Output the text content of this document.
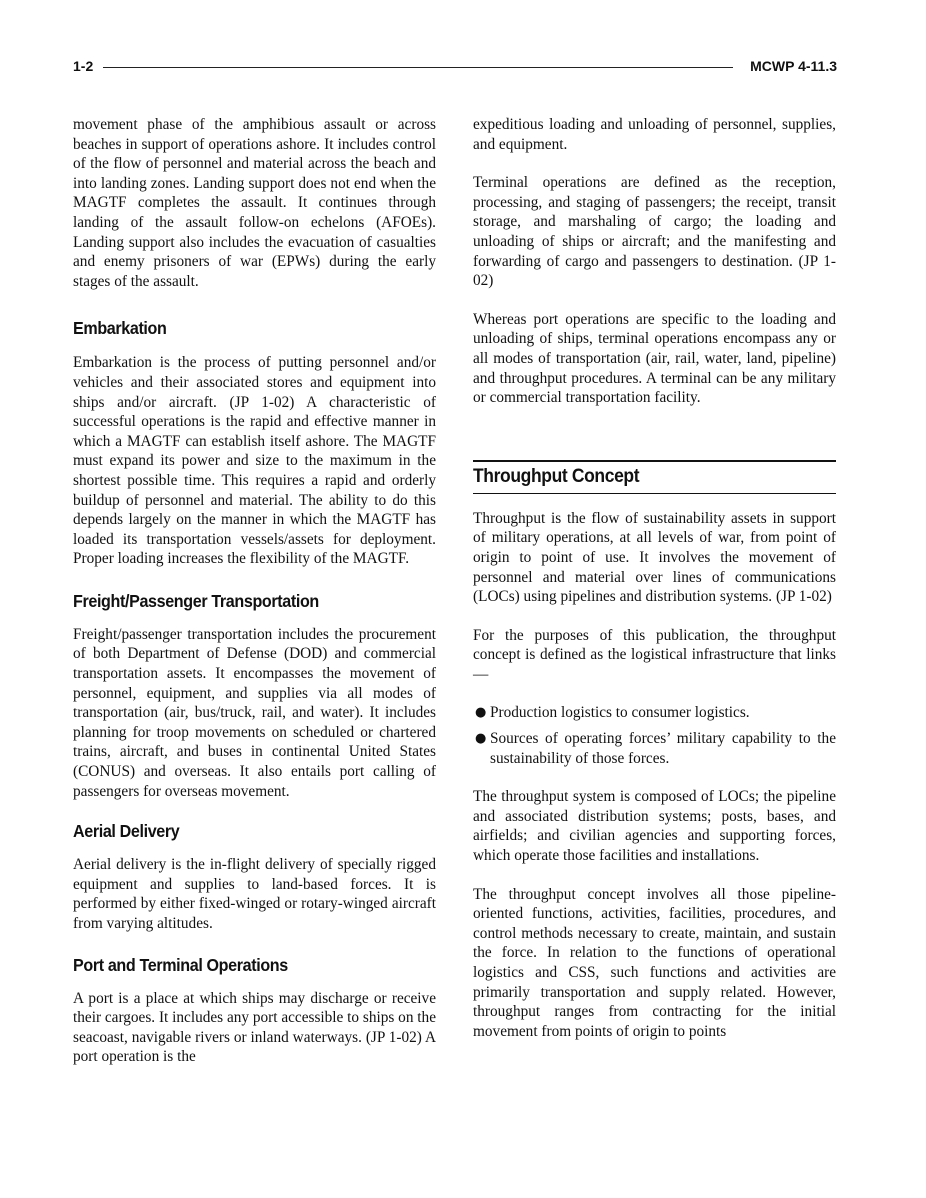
1-2	MCWP 4-11.3

movement phase of the amphibious assault or across beaches in support of operations ashore. It includes control of the flow of personnel and material across the beach and into landing zones. Landing support does not end when the MAGTF completes the assault. It continues through landing of the assault follow-on echelons (AFOEs). Landing support also includes the evacuation of casualties and enemy prisoners of war (EPWs) during the early stages of the assault.

Embarkation

Embarkation is the process of putting personnel and/or vehicles and their associated stores and equipment into ships and/or aircraft. (JP 1-02) A characteristic of successful operations is the rapid and effective manner in which a MAGTF can establish itself ashore. The MAGTF must expand its power and size to the maximum in the shortest possible time. This requires a rapid and orderly buildup of personnel and material. The ability to do this depends largely on the manner in which the MAGTF has loaded its transportation vessels/assets for deployment. Proper loading increases the flexibility of the MAGTF.

Freight/Passenger Transportation

Freight/passenger transportation includes the procurement of both Department of Defense (DOD) and commercial transportation assets. It encompasses the movement of personnel, equipment, and supplies via all modes of transportation (air, bus/truck, rail, and water). It includes planning for troop movements on scheduled or chartered trains, aircraft, and buses in continental United States (CONUS) and overseas. It also entails port calling of passengers for overseas movement.

Aerial Delivery

Aerial delivery is the in-flight delivery of specially rigged equipment and supplies to land-based forces. It is performed by either fixed-winged or rotary-winged aircraft from varying altitudes.

Port and Terminal Operations

A port is a place at which ships may discharge or receive their cargoes. It includes any port accessible to ships on the seacoast, navigable rivers or inland waterways. (JP 1-02) A port operation is the

expeditious loading and unloading of personnel, supplies, and equipment.

Terminal operations are defined as the reception, processing, and staging of passengers; the receipt, transit storage, and marshaling of cargo; the loading and unloading of ships or aircraft; and the manifesting and forwarding of cargo and passengers to destination. (JP 1-02)

Whereas port operations are specific to the loading and unloading of ships, terminal operations encompass any or all modes of transportation (air, rail, water, land, pipeline) and throughput procedures. A terminal can be any military or commercial transportation facility.

Throughput Concept

Throughput is the flow of sustainability assets in support of military operations, at all levels of war, from point of origin to point of use. It involves the movement of personnel and material over lines of communications (LOCs) using pipelines and distribution systems. (JP 1-02)

For the purposes of this publication, the throughput concept is defined as the logistical infrastructure that links—

● Production logistics to consumer logistics.

● Sources of operating forces’ military capability to the sustainability of those forces.

The throughput system is composed of LOCs; the pipeline and associated distribution systems; posts, bases, and airfields; and civilian agencies and supporting forces, which operate those facilities and installations.

The throughput concept involves all those pipeline-oriented functions, activities, facilities, procedures, and control methods necessary to create, maintain, and sustain the force. In relation to the functions of operational logistics and CSS, such functions and activities are primarily transportation and supply related. However, throughput ranges from contracting for the initial movement from points of origin to points
